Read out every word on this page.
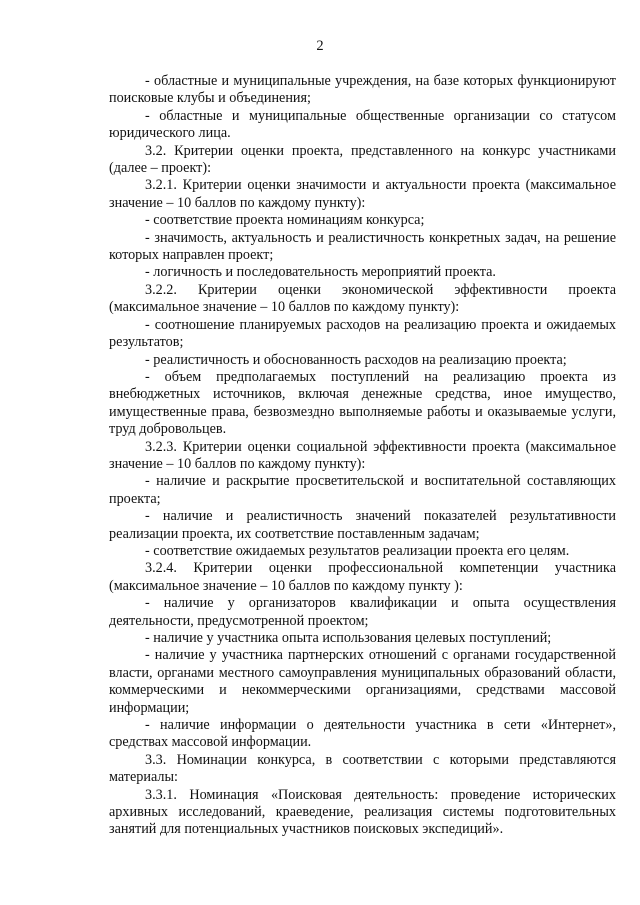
2

- областные и муниципальные учреждения, на базе которых функционируют поисковые клубы и объединения;

- областные и муниципальные общественные организации со статусом юридического лица.

3.2. Критерии оценки проекта, представленного на конкурс участниками (далее – проект):

3.2.1. Критерии оценки значимости и актуальности проекта (максимальное значение – 10 баллов по каждому пункту):

- соответствие проекта номинациям конкурса;

- значимость, актуальность и реалистичность конкретных задач, на решение которых направлен проект;

- логичность и последовательность мероприятий проекта.

3.2.2. Критерии оценки экономической эффективности проекта (максимальное значение – 10 баллов по каждому пункту):

- соотношение планируемых расходов на реализацию проекта и ожидаемых результатов;

- реалистичность и обоснованность расходов на реализацию проекта;

- объем предполагаемых поступлений на реализацию проекта из внебюджетных источников, включая денежные средства, иное имущество, имущественные права, безвозмездно выполняемые работы и оказываемые услуги, труд добровольцев.

3.2.3. Критерии оценки социальной эффективности проекта (максимальное значение – 10 баллов по каждому пункту):

- наличие и раскрытие просветительской и воспитательной составляющих проекта;

- наличие и реалистичность значений показателей результативности реализации проекта, их соответствие поставленным задачам;

- соответствие ожидаемых результатов реализации проекта его целям.

3.2.4. Критерии оценки профессиональной компетенции участника (максимальное значение – 10 баллов по каждому пункту ):

- наличие у организаторов квалификации и опыта осуществления деятельности, предусмотренной проектом;

- наличие у участника опыта использования целевых поступлений;

- наличие у участника партнерских отношений с органами государственной власти, органами местного самоуправления муниципальных образований области, коммерческими и некоммерческими организациями, средствами массовой информации;

- наличие информации о деятельности участника в сети «Интернет», средствах массовой информации.

3.3. Номинации конкурса, в соответствии с которыми представляются материалы:

3.3.1. Номинация «Поисковая деятельность: проведение исторических архивных исследований, краеведение, реализация системы подготовительных занятий для потенциальных участников поисковых экспедиций».
